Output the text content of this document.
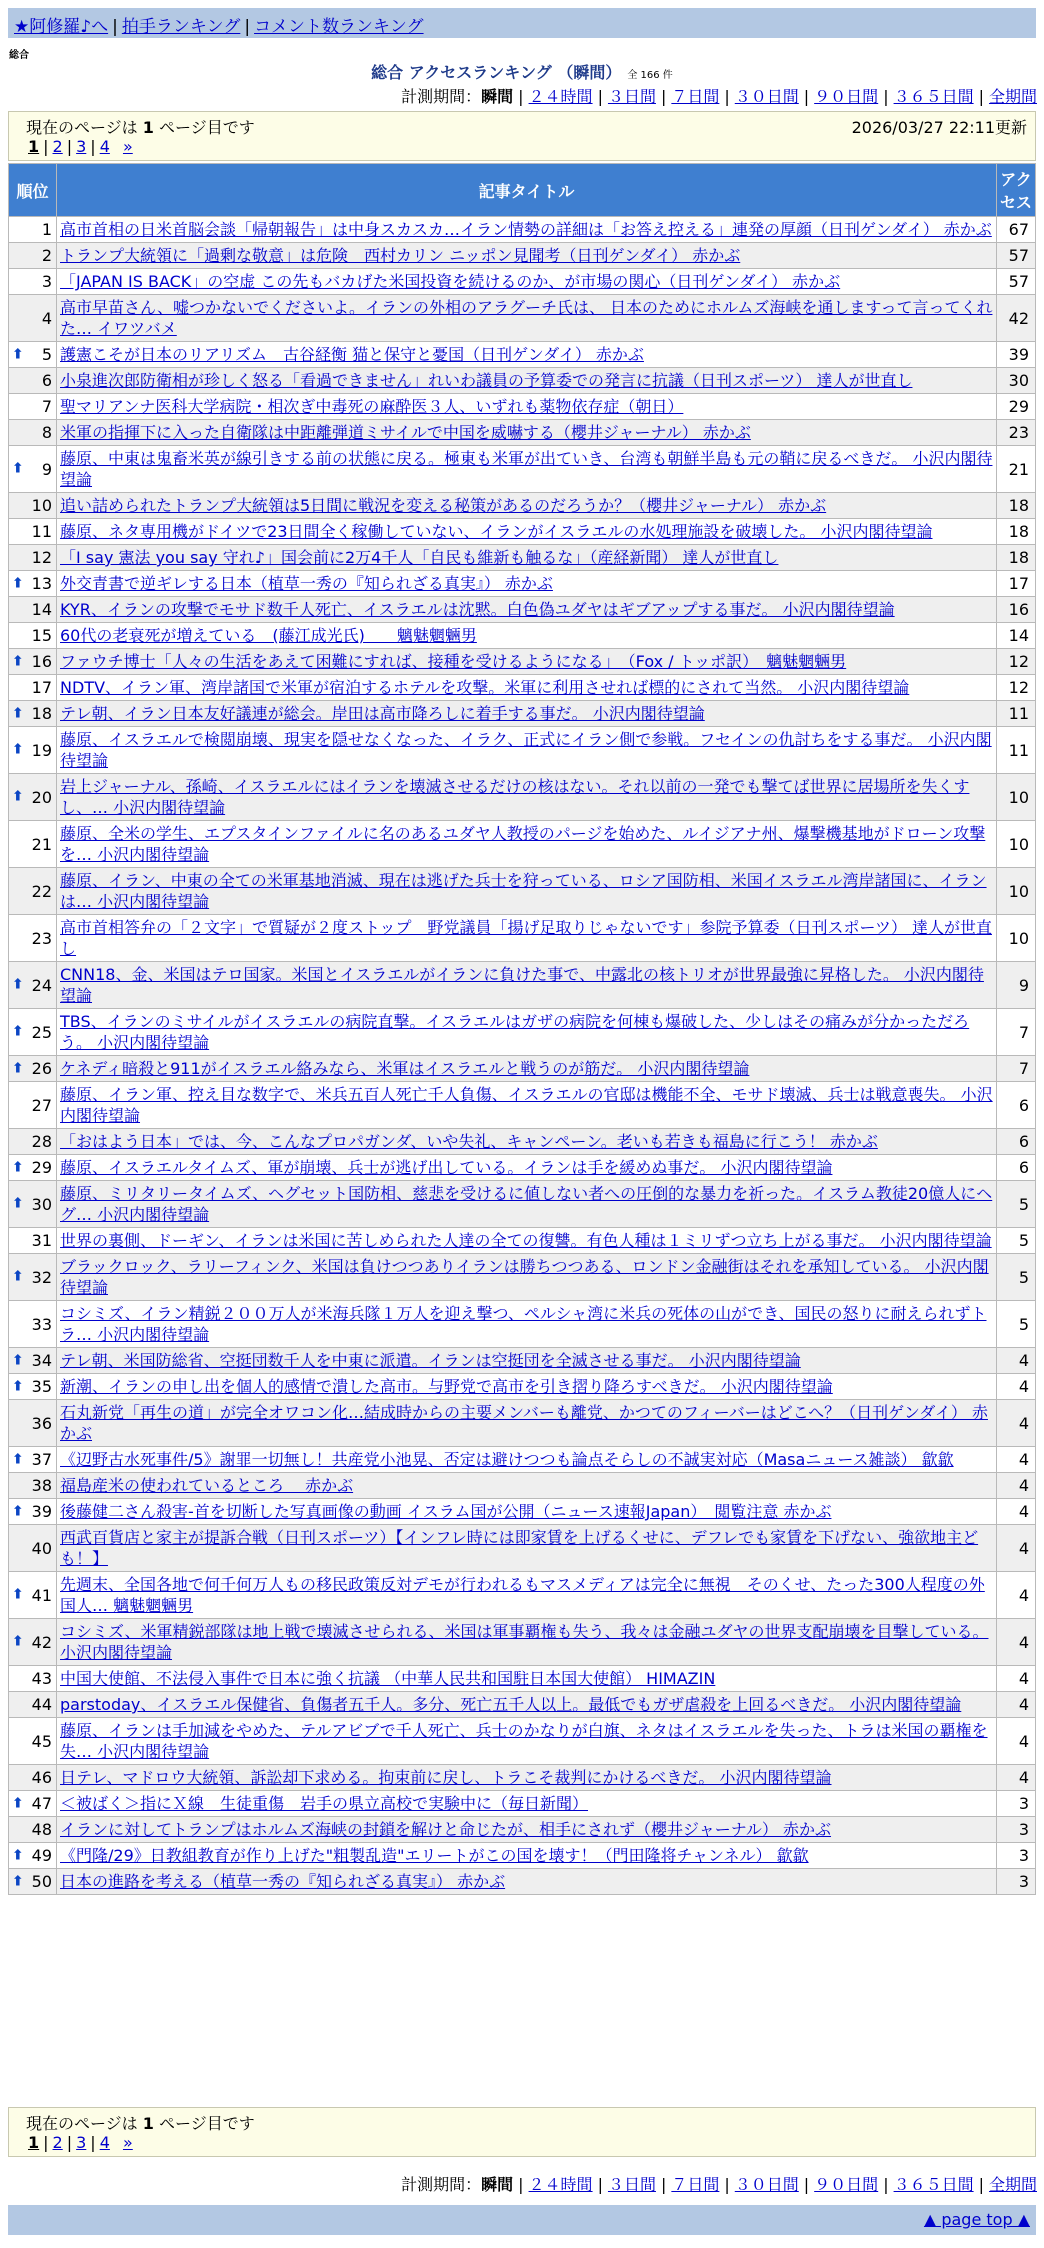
★阿修羅♪へ | 拍手ランキング | コメント数ランキング
総合
総合 アクセスランキング （瞬間） 全 166 件
計測期間：瞬間 | ２４時間 | ３日間 | ７日間 | ３０日間 | ９０日間 | ３６５日間 | 全期間
現在のページは 1 ページ目です	2026/03/27 22:11更新
1 | 2 | 3 | 4 »
順位	記事タイトル	アクセス
1	高市首相の日米首脳会談「帰朝報告」は中身スカスカ…イラン情勢の詳細は「お答え控える」連発の厚顔（日刊ゲンダイ） 赤かぶ	67
2	トランプ大統領に「過剰な敬意」は危険　西村カリン ニッポン見聞考（日刊ゲンダイ） 赤かぶ	57
3	「JAPAN IS BACK」の空虚 この先もバカげた米国投資を続けるのか、が市場の関心（日刊ゲンダイ） 赤かぶ	57
4	高市早苗さん、嘘つかないでくださいよ。イランの外相のアラグーチ氏は、 日本のためにホルムズ海峡を通しますって言ってくれた… イワツバメ	42

⬆ 5	護憲こそが日本のリアリズム　古谷経衡 猫と保守と憂国（日刊ゲンダイ） 赤かぶ	39
6	小泉進次郎防衛相が珍しく怒る「看過できません」れいわ議員の予算委での発言に抗議（日刊スポーツ） 達人が世直し	30
7	聖マリアンナ医科大学病院・相次ぎ中毒死の麻酔医３人、いずれも薬物依存症（朝日）	29
8	米軍の指揮下に入った自衛隊は中距離弾道ミサイルで中国を威嚇する（櫻井ジャーナル） 赤かぶ	23

⬆ 9	藤原、中東は鬼畜米英が線引きする前の状態に戻る。極東も米軍が出ていき、台湾も朝鮮半島も元の鞘に戻るべきだ。 小沢内閣待望論	21
10	追い詰められたトランプ大統領は5日間に戦況を変える秘策があるのだろうか？（櫻井ジャーナル） 赤かぶ	18
11	藤原、ネタ専用機がドイツで23日間全く稼働していない、イランがイスラエルの水処理施設を破壊した。 小沢内閣待望論	18
12	「I say 憲法 you say 守れ♪」国会前に2万4千人「自民も維新も触るな」（産経新聞） 達人が世直し	18

⬆ 13	外交青書で逆ギレする日本（植草一秀の『知られざる真実』） 赤かぶ	17
14	KYR、イランの攻撃でモサド数千人死亡、イスラエルは沈黙。白色偽ユダヤはギブアップする事だ。 小沢内閣待望論	16
15	60代の老衰死が増えている　(藤江成光氏)　　魑魅魍魎男	14

⬆ 16	ファウチ博士「人々の生活をあえて困難にすれば、接種を受けるようになる」　（Fox / トッポ訳）　魑魅魍魎男	12
17	NDTV、イラン軍、湾岸諸国で米軍が宿泊するホテルを攻撃。米軍に利用させれば標的にされて当然。 小沢内閣待望論	12

⬆ 18	テレ朝、イラン日本友好議連が総会。岸田は高市降ろしに着手する事だ。 小沢内閣待望論	11

⬆ 19	藤原、イスラエルで検閲崩壊、現実を隠せなくなった、イラク、正式にイラン側で参戦。フセインの仇討ちをする事だ。 小沢内閣待望論	11

⬆ 20	岩上ジャーナル、孫崎、イスラエルにはイランを壊滅させるだけの核はない。それ以前の一発でも撃てば世界に居場所を失くすし、… 小沢内閣待望論	10
21	藤原、全米の学生、エプスタインファイルに名のあるユダヤ人教授のパージを始めた、ルイジアナ州、爆撃機基地がドローン攻撃を… 小沢内閣待望論	10
22	藤原、イラン、中東の全ての米軍基地消滅、現在は逃げた兵士を狩っている、ロシア国防相、米国イスラエル湾岸諸国に、イランは… 小沢内閣待望論	10
23	高市首相答弁の「２文字」で質疑が２度ストップ　野党議員「揚げ足取りじゃないです」参院予算委（日刊スポーツ） 達人が世直し	10

⬆ 24	CNN18、金、米国はテロ国家。米国とイスラエルがイランに負けた事で、中露北の核トリオが世界最強に昇格した。 小沢内閣待望論	9

⬆ 25	TBS、イランのミサイルがイスラエルの病院直撃。イスラエルはガザの病院を何棟も爆破した、少しはその痛みが分かっただろう。 小沢内閣待望論	7

⬆ 26	ケネディ暗殺と911がイスラエル絡みなら、米軍はイスラエルと戦うのが筋だ。 小沢内閣待望論	7
27	藤原、イラン軍、控え目な数字で、米兵五百人死亡千人負傷、イスラエルの官邸は機能不全、モサド壊滅、兵士は戦意喪失。 小沢内閣待望論	6
28	「おはよう日本」では、今、こんなプロパガンダ、いや失礼、キャンペーン。老いも若きも福島に行こう！ 赤かぶ	6

⬆ 29	藤原、イスラエルタイムズ、軍が崩壊、兵士が逃げ出している。イランは手を緩めぬ事だ。 小沢内閣待望論	6

⬆ 30	藤原、ミリタリータイムズ、ヘグセット国防相、慈悲を受けるに値しない者への圧倒的な暴力を祈った。イスラム教徒20億人にヘグ… 小沢内閣待望論	5
31	世界の裏側、ドーギン、イランは米国に苦しめられた人達の全ての復讐。有色人種は１ミリずつ立ち上がる事だ。 小沢内閣待望論	5

⬆ 32	ブラックロック、ラリーフィンク、米国は負けつつありイランは勝ちつつある、ロンドン金融街はそれを承知している。 小沢内閣待望論	5
33	コシミズ、イラン精鋭２００万人が米海兵隊１万人を迎え撃つ、ペルシャ湾に米兵の死体の山ができ、国民の怒りに耐えられずトラ… 小沢内閣待望論	5

⬆ 34	テレ朝、米国防総省、空挺団数千人を中東に派遣。イランは空挺団を全滅させる事だ。 小沢内閣待望論	4

⬆ 35	新潮、イランの申し出を個人的感情で潰した高市。与野党で高市を引き摺り降ろすべきだ。 小沢内閣待望論	4
36	石丸新党「再生の道」が完全オワコン化…結成時からの主要メンバーも離党、かつてのフィーバーはどこへ？（日刊ゲンダイ） 赤かぶ	4

⬆ 37	《辺野古水死事件/5》謝罪一切無し！共産党小池晃、否定は避けつつも論点そらしの不誠実対応（Masaニュース雑談） 歙歙	4
38	福島産米の使われているところ　 赤かぶ	4

⬆ 39	後藤健二さん殺害-首を切断した写真画像の動画 イスラム国が公開（ニュース速報Japan）　閲覧注意 赤かぶ	4
40	西武百貨店と家主が提訴合戦（日刊スポーツ）【インフレ時には即家賃を上げるくせに、デフレでも家賃を下げない、強欲地主ども！】	4

⬆ 41	先週末、全国各地で何千何万人もの移民政策反対デモが行われるもマスメディアは完全に無視　そのくせ、たった300人程度の外国人… 魑魅魍魎男	4

⬆ 42	コシミズ、米軍精鋭部隊は地上戦で壊滅させられる、米国は軍事覇権も失う、我々は金融ユダヤの世界支配崩壊を目撃している。 小沢内閣待望論	4
43	中国大使館、不法侵入事件で日本に強く抗議 （中華人民共和国駐日本国大使館） HIMAZIN	4
44	parstoday、イスラエル保健省、負傷者五千人。多分、死亡五千人以上。最低でもガザ虐殺を上回るべきだ。 小沢内閣待望論	4
45	藤原、イランは手加減をやめた、テルアビブで千人死亡、兵士のかなりが白旗、ネタはイスラエルを失った、トラは米国の覇権を失… 小沢内閣待望論	4
46	日テレ、マドロウ大統領、訴訟却下求める。拘束前に戻し、トラこそ裁判にかけるべきだ。 小沢内閣待望論	4

⬆ 47	＜被ばく＞指にＸ線　生徒重傷　岩手の県立高校で実験中に（毎日新聞）	3
48	イランに対してトランプはホルムズ海峡の封鎖を解けと命じたが、相手にされず（櫻井ジャーナル） 赤かぶ	3

⬆ 49	《門隆/29》日教組教育が作り上げた"粗製乱造"エリートがこの国を壊す！（門田隆将チャンネル） 歙歙	3

⬆ 50	日本の進路を考える（植草一秀の『知られざる真実』） 赤かぶ	3
現在のページは 1 ページ目です
1 | 2 | 3 | 4 »
計測期間：瞬間 | ２４時間 | ３日間 | ７日間 | ３０日間 | ９０日間 | ３６５日間 | 全期間
▲ page top ▲
